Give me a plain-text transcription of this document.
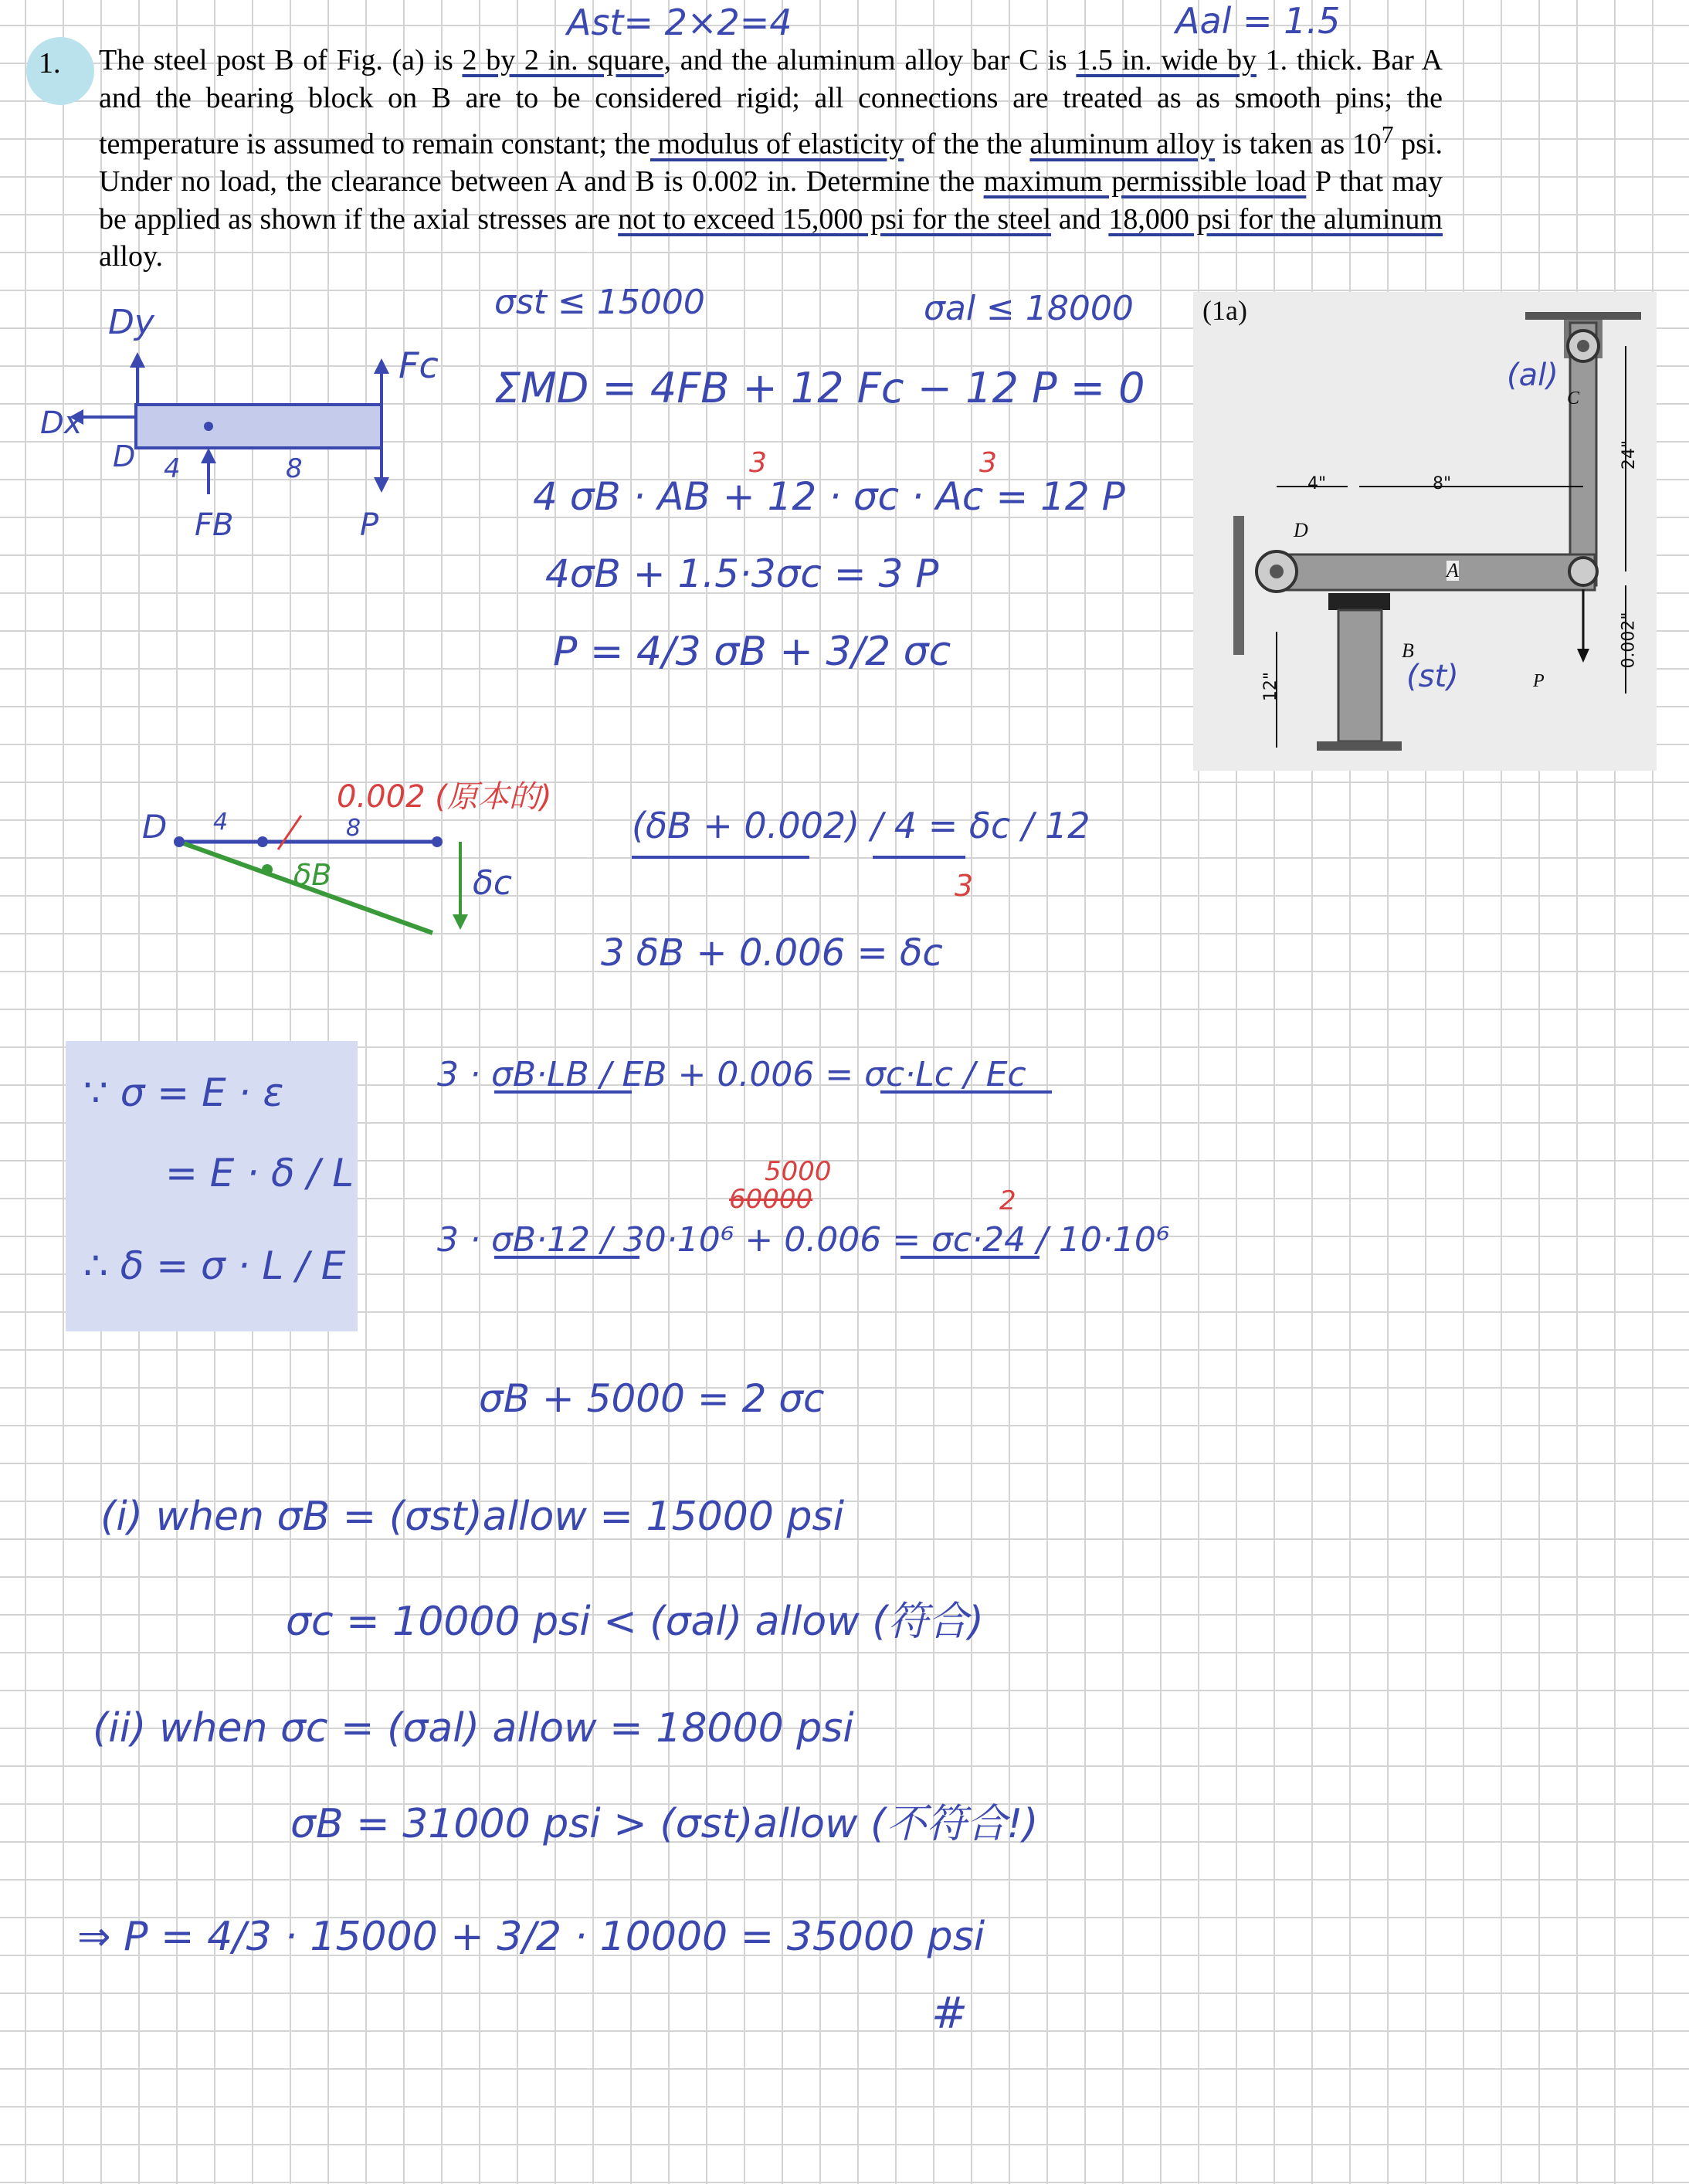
Ast= 2×2=4	Aal = 1.5
1. The steel post B of Fig. (a) is 2 by 2 in. square, and the aluminum alloy bar C is 1.5 in. wide by 1. thick. Bar A and the bearing block on B are to be considered rigid; all connections are treated as as smooth pins; the temperature is assumed to remain constant; the modulus of elasticity of the the aluminum alloy is taken as $10^7$ psi. Under no load, the clearance between A and B is 0.002 in. Determine the maximum permissible load P that may be applied as shown if the axial stresses are not to exceed 15,000 psi for the steel and 18,000 psi for the aluminum alloy.

(1a)
D
A
B
C
P
4"	8"
24"
12"
0.002"
(al)
(st)
Dy
Dx
D
Fc
FB	P
4	8
σst ≤ 15000	σal ≤ 18000
ΣMD = 4FB + 12 Fc − 12 P = 0
3	3
4 σB · AB + 12 · σc · Ac = 12 P
4σB + 1.5·3σc = 3 P
P = 4/3 σB + 3/2 σc
0.002 (原本的)
D 4	8
δB	δc
(δB + 0.002) / 4 = δc / 12
3
3 δB + 0.006 = δc
∵ σ = E · ε
= E · δ / L
∴ δ = σ · L / E
3 · σB·LB / EB + 0.006 = σc·Lc / Ec
5000
60000	2
3 · σB·12 / 30·10⁶ + 0.006 = σc·24 / 10·10⁶
σB + 5000 = 2 σc
(i) when σB = (σst)allow = 15000 psi
σc = 10000 psi < (σal) allow (符合)
(ii) when σc = (σal) allow = 18000 psi
σB = 31000 psi > (σst)allow (不符合!)
⇒ P = 4/3 · 15000 + 3/2 · 10000 = 35000 psi
#
